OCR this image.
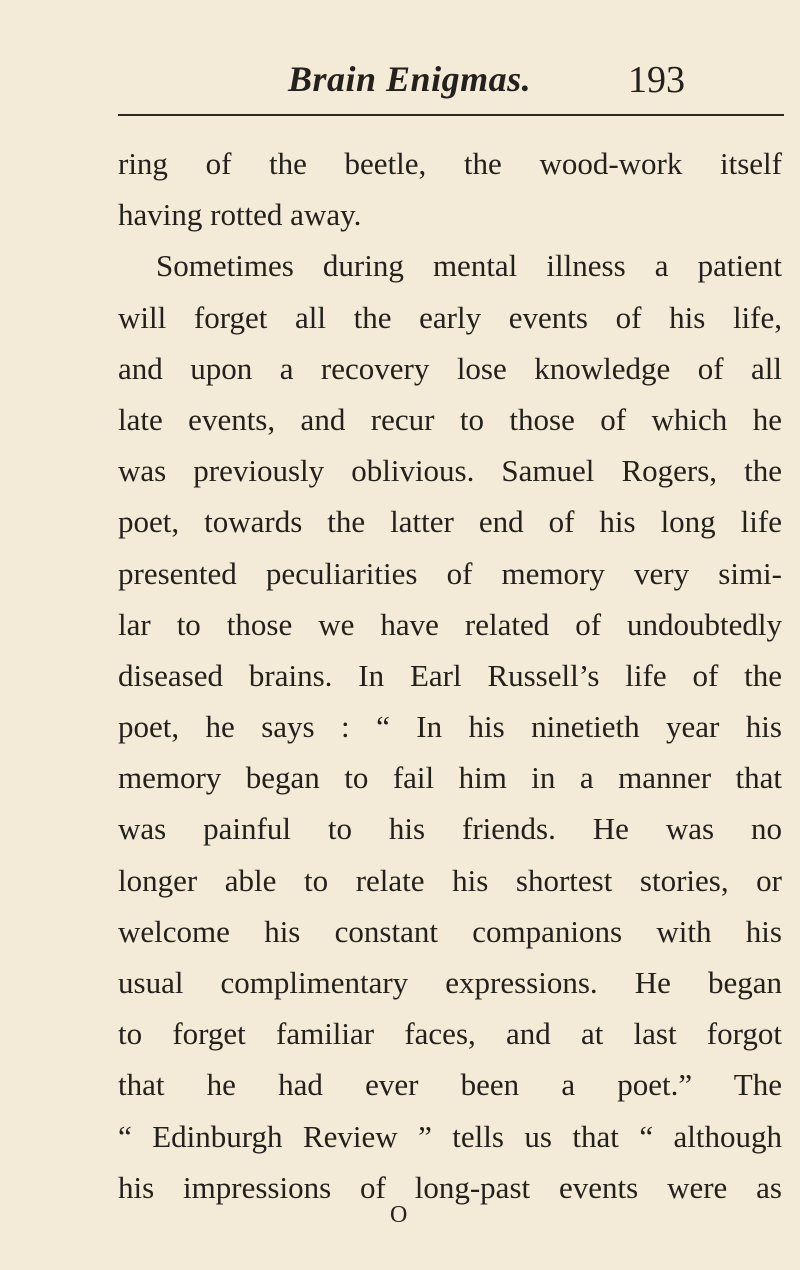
Brain Enigmas.	193
ring of the beetle, the wood-work itself
having rotted away.
Sometimes during mental illness a patient
will forget all the early events of his life,
and upon a recovery lose knowledge of all
late events, and recur to those of which he
was previously oblivious. Samuel Rogers, the
poet, towards the latter end of his long life
presented peculiarities of memory very simi-
lar to those we have related of undoubtedly
diseased brains. In Earl Russell’s life of the
poet, he says : “ In his ninetieth year his
memory began to fail him in a manner that
was painful to his friends. He was no
longer able to relate his shortest stories, or
welcome his constant companions with his
usual complimentary expressions. He began
to forget familiar faces, and at last forgot
that he had ever been a poet.” The
“ Edinburgh Review ” tells us that “ although
his impressions of long-past events were as
O
